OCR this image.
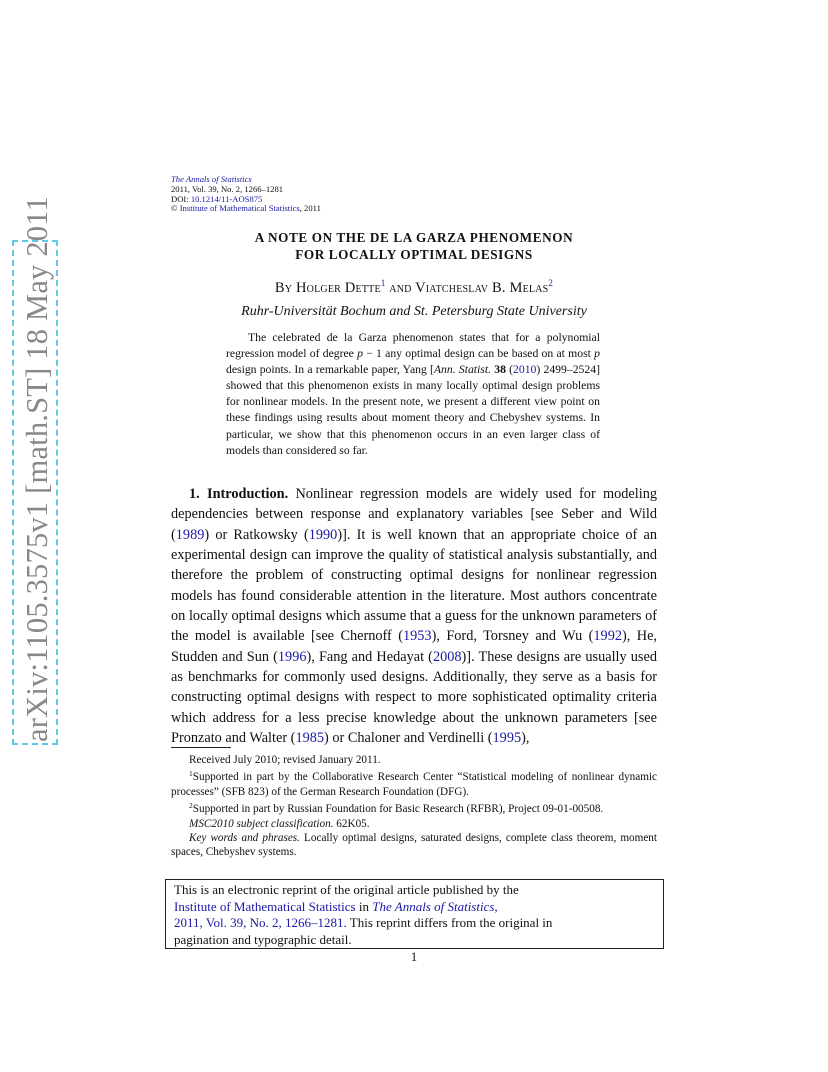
arXiv:1105.3575v1 [math.ST] 18 May 2011
The Annals of Statistics
2011, Vol. 39, No. 2, 1266–1281
DOI: 10.1214/11-AOS875
© Institute of Mathematical Statistics, 2011
A NOTE ON THE DE LA GARZA PHENOMENON
FOR LOCALLY OPTIMAL DESIGNS
By Holger Dette$^1$ and Viatcheslav B. Melas$^2$
Ruhr-Universität Bochum and St. Petersburg State University

The celebrated de la Garza phenomenon states that for a polynomial regression model of degree p − 1 any optimal design can be based on at most p design points. In a remarkable paper, Yang [Ann. Statist. 38 (2010) 2499–2524] showed that this phenomenon exists in many locally optimal design problems for nonlinear models. In the present note, we present a different view point on these findings using results about moment theory and Chebyshev systems. In particular, we show that this phenomenon occurs in an even larger class of models than considered so far.

1. Introduction. Nonlinear regression models are widely used for modeling dependencies between response and explanatory variables [see Seber and Wild (1989) or Ratkowsky (1990)]. It is well known that an appropriate choice of an experimental design can improve the quality of statistical analysis substantially, and therefore the problem of constructing optimal designs for nonlinear regression models has found considerable attention in the literature. Most authors concentrate on locally optimal designs which assume that a guess for the unknown parameters of the model is available [see Chernoff (1953), Ford, Torsney and Wu (1992), He, Studden and Sun (1996), Fang and Hedayat (2008)]. These designs are usually used as benchmarks for commonly used designs. Additionally, they serve as a basis for constructing optimal designs with respect to more sophisticated optimality criteria which address for a less precise knowledge about the unknown parameters [see Pronzato and Walter (1985) or Chaloner and Verdinelli (1995),

Received July 2010; revised January 2011.

$^1$Supported in part by the Collaborative Research Center “Statistical modeling of nonlinear dynamic processes” (SFB 823) of the German Research Foundation (DFG).

$^2$Supported in part by Russian Foundation for Basic Research (RFBR), Project 09-01-00508.

MSC2010 subject classification. 62K05.

Key words and phrases. Locally optimal designs, saturated designs, complete class theorem, moment spaces, Chebyshev systems.

This is an electronic reprint of the original article published by the
Institute of Mathematical Statistics in The Annals of Statistics,
2011, Vol. 39, No. 2, 1266–1281. This reprint differs from the original in
pagination and typographic detail.
1
